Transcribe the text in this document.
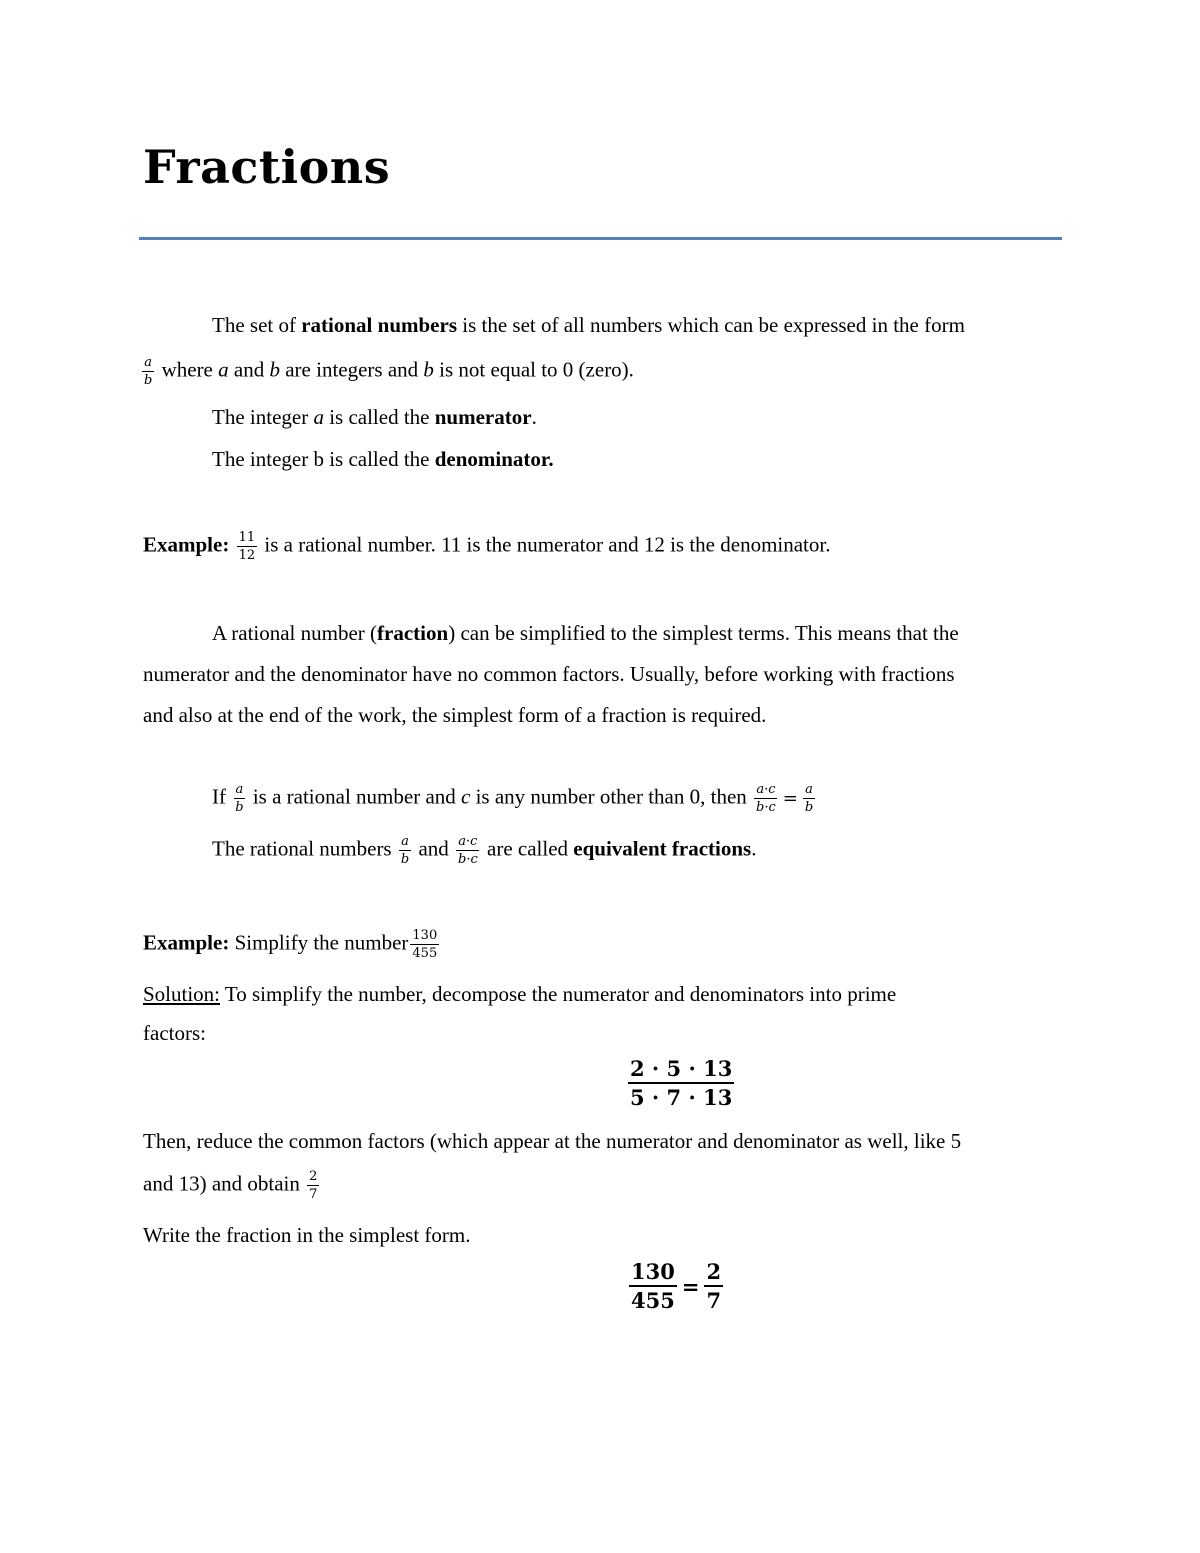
Fractions
The set of rational numbers is the set of all numbers which can be expressed in the form
$\frac{a}{b}$ where a and b are integers and b is not equal to 0 (zero).
The integer a is called the numerator.
The integer b is called the denominator.
Example: $\frac{11}{12}$ is a rational number. 11 is the numerator and 12 is the denominator.
A rational number (fraction) can be simplified to the simplest terms. This means that the
numerator and the denominator have no common factors. Usually, before working with fractions
and also at the end of the work, the simplest form of a fraction is required.
If $\frac{a}{b}$ is a rational number and c is any number other than 0, then $\frac{a\cdot c}{b\cdot c} = \frac{a}{b}$
The rational numbers $\frac{a}{b}$ and $\frac{a\cdot c}{b\cdot c}$ are called equivalent fractions.
Example: Simplify the number $\frac{130}{455}$
Solution: To simplify the number, decompose the numerator and denominators into prime
factors:
$\frac{2 \cdot 5 \cdot 13}{5 \cdot 7 \cdot 13}$
Then, reduce the common factors (which appear at the numerator and denominator as well, like 5
and 13) and obtain $\frac{2}{7}$
Write the fraction in the simplest form.
$\frac{130}{455} = \frac{2}{7}$
